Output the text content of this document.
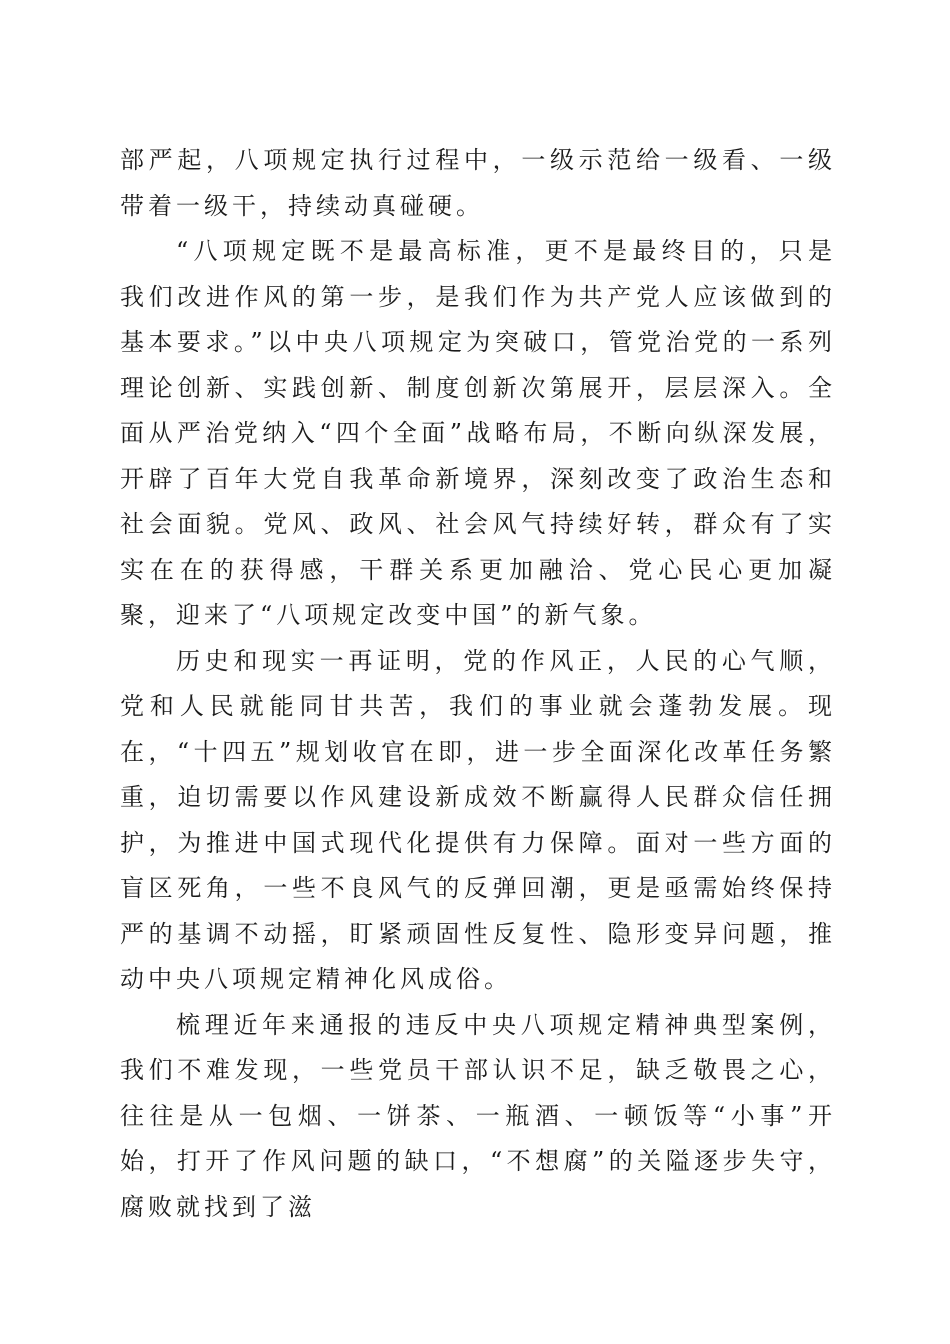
部严起，八项规定执行过程中，一级示范给一级看、一级带着一级干，持续动真碰硬。

“八项规定既不是最高标准，更不是最终目的，只是我们改进作风的第一步，是我们作为共产党人应该做到的基本要求。”以中央八项规定为突破口，管党治党的一系列理论创新、实践创新、制度创新次第展开，层层深入。全面从严治党纳入“四个全面”战略布局，不断向纵深发展，开辟了百年大党自我革命新境界，深刻改变了政治生态和社会面貌。党风、政风、社会风气持续好转，群众有了实实在在的获得感，干群关系更加融洽、党心民心更加凝聚，迎来了“八项规定改变中国”的新气象。

历史和现实一再证明，党的作风正，人民的心气顺，党和人民就能同甘共苦，我们的事业就会蓬勃发展。现在，“十四五”规划收官在即，进一步全面深化改革任务繁重，迫切需要以作风建设新成效不断赢得人民群众信任拥护，为推进中国式现代化提供有力保障。面对一些方面的盲区死角，一些不良风气的反弹回潮，更是亟需始终保持严的基调不动摇，盯紧顽固性反复性、隐形变异问题，推动中央八项规定精神化风成俗。

梳理近年来通报的违反中央八项规定精神典型案例，我们不难发现，一些党员干部认识不足，缺乏敬畏之心，往往是从一包烟、一饼茶、一瓶酒、一顿饭等“小事”开始，打开了作风问题的缺口，“不想腐”的关隘逐步失守，腐败就找到了滋
